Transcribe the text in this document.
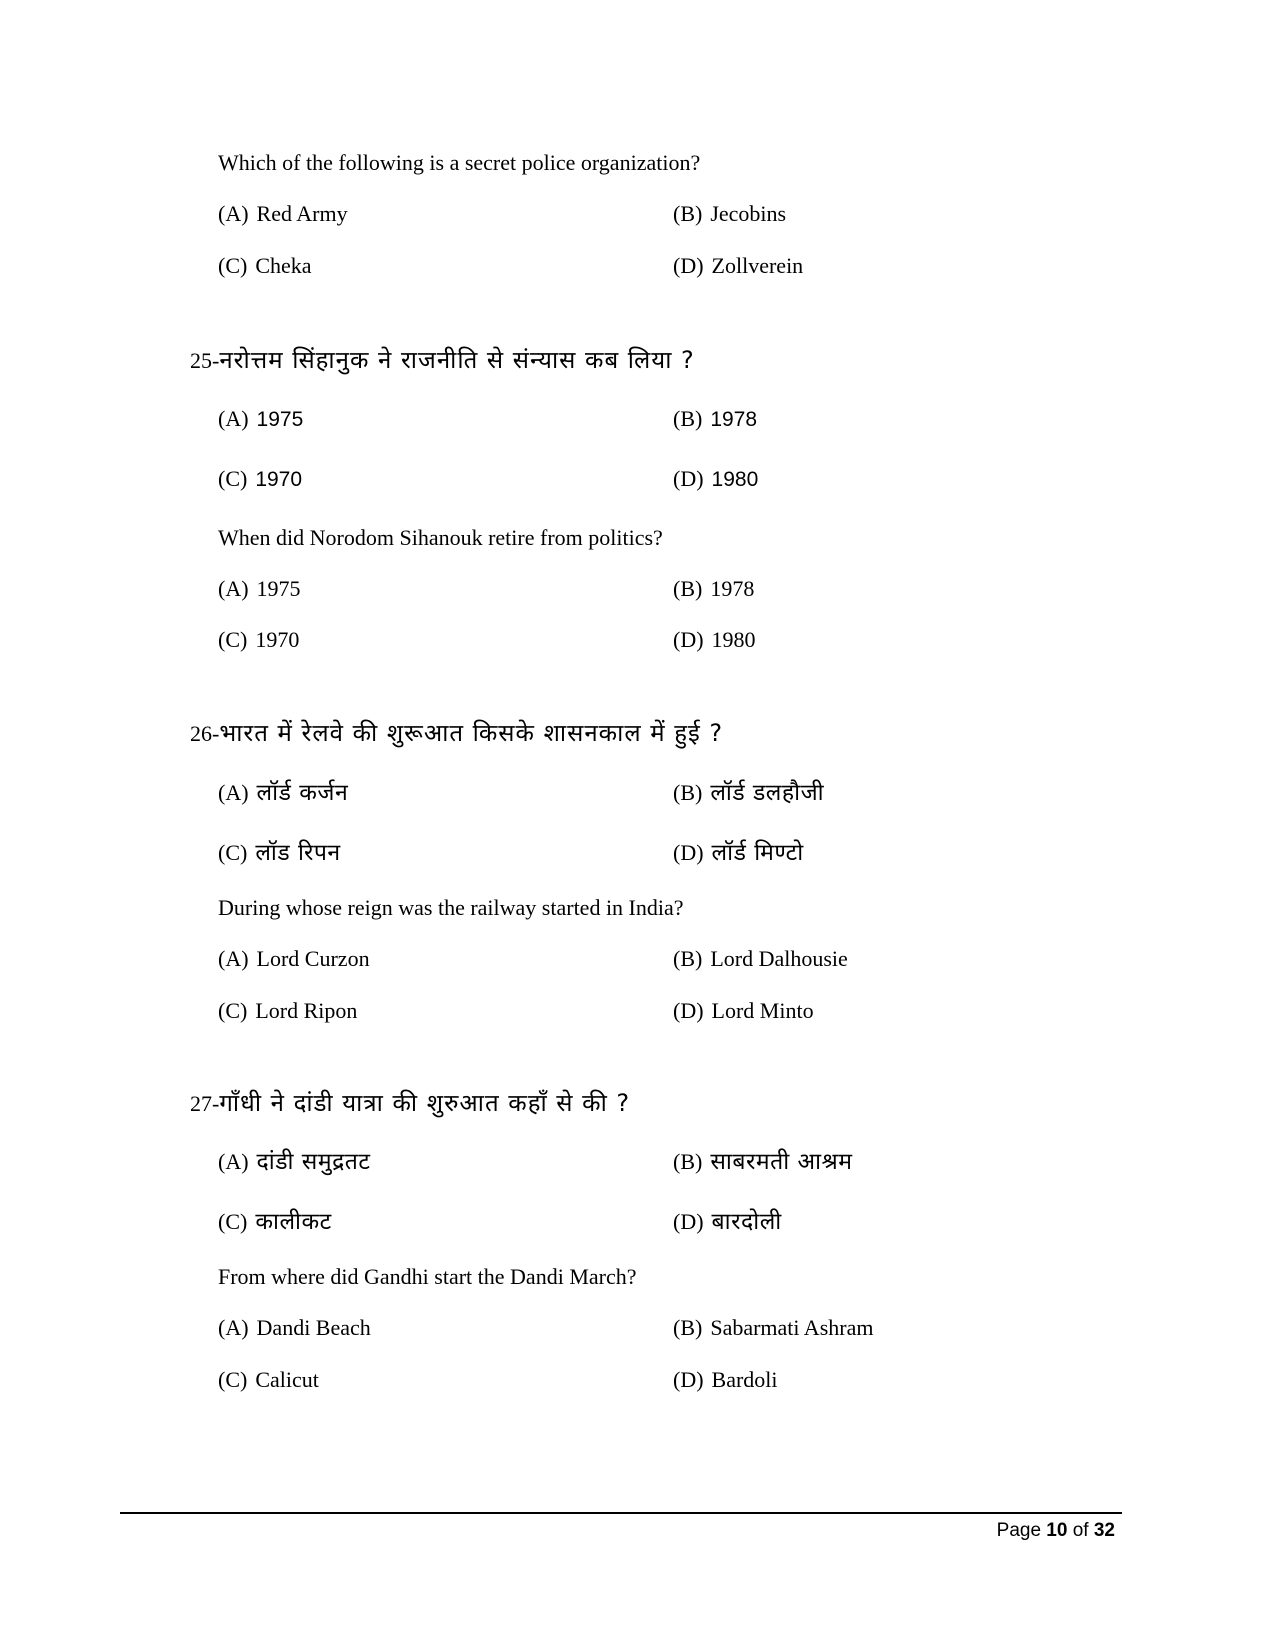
Which of the following is a secret police organization?
(A) Red Army	(B) Jecobins
(C) Cheka	(D) Zollverein
25-नरोत्तम सिंहानुक ने राजनीति से संन्यास कब लिया ?
(A) 1975	(B) 1978
(C) 1970	(D) 1980
When did Norodom Sihanouk retire from politics?
(A) 1975	(B) 1978
(C) 1970	(D) 1980
26-भारत में रेलवे की शुरूआत किसके शासनकाल में हुई ?
(A) लॉर्ड कर्जन	(B) लॉर्ड डलहौजी
(C) लॉड रिपन	(D) लॉर्ड मिण्टो
During whose reign was the railway started in India?
(A) Lord Curzon	(B) Lord Dalhousie
(C) Lord Ripon	(D) Lord Minto
27-गाँधी ने दांडी यात्रा की शुरुआत कहाँ से की ?
(A) दांडी समुद्रतट	(B) साबरमती आश्रम
(C) कालीकट	(D) बारदोली
From where did Gandhi start the Dandi March?
(A) Dandi Beach	(B) Sabarmati Ashram
(C) Calicut	(D) Bardoli
Page 10 of 32
